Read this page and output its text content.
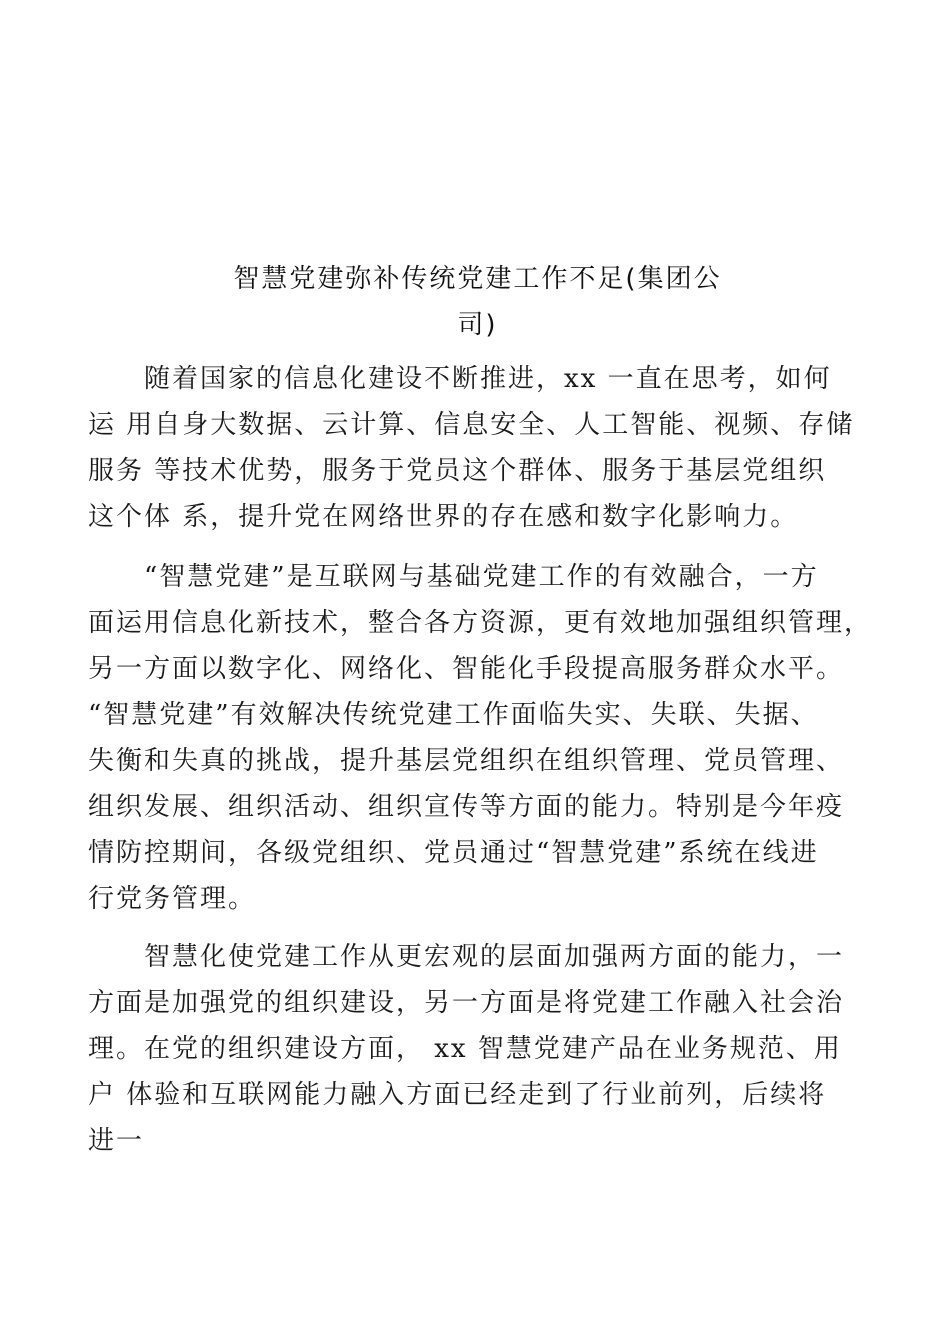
智慧党建弥补传统党建工作不足(集团公
司)
随着国家的信息化建设不断推进，xx 一直在思考，如何
运 用自身大数据、云计算、信息安全、人工智能、视频、存储
服务 等技术优势，服务于党员这个群体、服务于基层党组织
这个体 系，提升党在网络世界的存在感和数字化影响力。
“智慧党建”是互联网与基础党建工作的有效融合，一方
面运用信息化新技术，整合各方资源，更有效地加强组织管理，
另一方面以数字化、网络化、智能化手段提高服务群众水平。
“智慧党建”有效解决传统党建工作面临失实、失联、失据、
失衡和失真的挑战，提升基层党组织在组织管理、党员管理、
组织发展、组织活动、组织宣传等方面的能力。特别是今年疫
情防控期间，各级党组织、党员通过“智慧党建”系统在线进
行党务管理。
智慧化使党建工作从更宏观的层面加强两方面的能力，一
方面是加强党的组织建设，另一方面是将党建工作融入社会治
理。在党的组织建设方面， xx 智慧党建产品在业务规范、用
户 体验和互联网能力融入方面已经走到了行业前列，后续将
进一
